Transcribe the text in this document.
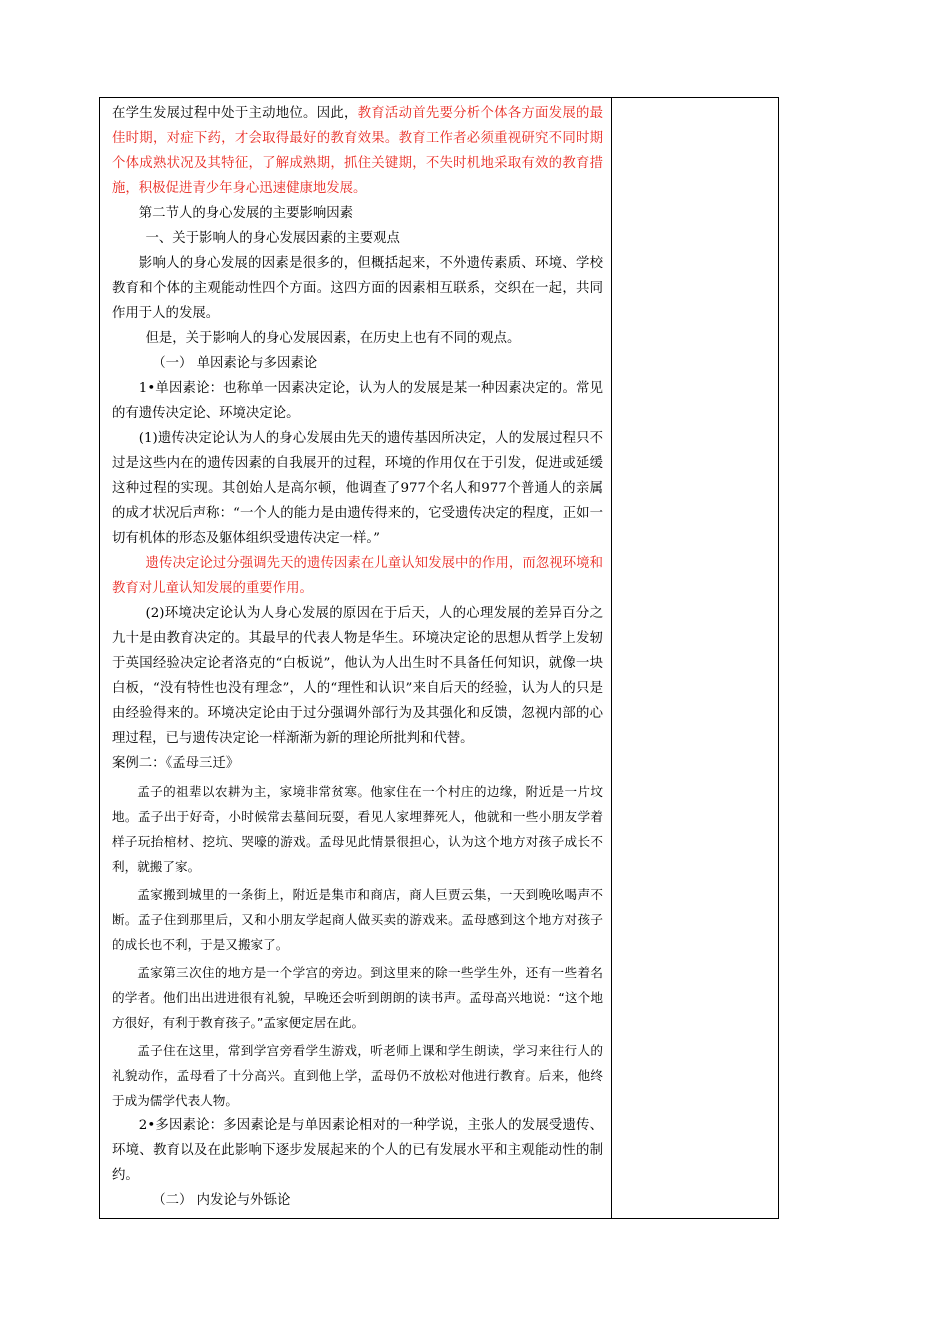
在学生发展过程中处于主动地位。因此，教育活动首先要分析个体各方面发展的最佳时期，对症下药，才会取得最好的教育效果。教育工作者必须重视研究不同时期个体成熟状况及其特征，了解成熟期，抓住关键期，不失时机地采取有效的教育措施，积极促进青少年身心迅速健康地发展。

第二节人的身心发展的主要影响因素

一、关于影响人的身心发展因素的主要观点

影响人的身心发展的因素是很多的，但概括起来，不外遗传素质、环境、学校教育和个体的主观能动性四个方面。这四方面的因素相互联系，交织在一起，共同作用于人的发展。

但是，关于影响人的身心发展因素，在历史上也有不同的观点。

（一） 单因素论与多因素论

1•单因素论：也称单一因素决定论，认为人的发展是某一种因素决定的。常见的有遗传决定论、环境决定论。

(1)遗传决定论认为人的身心发展由先天的遗传基因所决定，人的发展过程只不过是这些内在的遗传因素的自我展开的过程，环境的作用仅在于引发，促进或延缓这种过程的实现。其创始人是高尔顿，他调查了977个名人和977个普通人的亲属的成才状况后声称：“一个人的能力是由遗传得来的，它受遗传决定的程度，正如一切有机体的形态及躯体组织受遗传决定一样。”

遗传决定论过分强调先天的遗传因素在儿童认知发展中的作用，而忽视环境和教育对儿童认知发展的重要作用。

(2)环境决定论认为人身心发展的原因在于后天，人的心理发展的差异百分之九十是由教育决定的。其最早的代表人物是华生。环境决定论的思想从哲学上发轫于英国经验决定论者洛克的“白板说”，他认为人出生时不具备任何知识，就像一块白板，“没有特性也没有理念”，人的“理性和认识”来自后天的经验，认为人的只是由经验得来的。环境决定论由于过分强调外部行为及其强化和反馈，忽视内部的心理过程，已与遗传决定论一样渐渐为新的理论所批判和代替。

案例二：《孟母三迁》

孟子的祖辈以农耕为主，家境非常贫寒。他家住在一个村庄的边缘，附近是一片坟地。孟子出于好奇，小时候常去墓间玩耍，看见人家埋葬死人，他就和一些小朋友学着样子玩抬棺材、挖坑、哭嚎的游戏。孟母见此情景很担心，认为这个地方对孩子成长不利，就搬了家。

孟家搬到城里的一条街上，附近是集市和商店，商人巨贾云集，一天到晚吆喝声不断。孟子住到那里后，又和小朋友学起商人做买卖的游戏来。孟母感到这个地方对孩子的成长也不利，于是又搬家了。

孟家第三次住的地方是一个学宫的旁边。到这里来的除一些学生外，还有一些着名的学者。他们出出进进很有礼貌，早晚还会听到朗朗的读书声。孟母高兴地说：“这个地方很好，有利于教育孩子。”孟家便定居在此。

孟子住在这里，常到学宫旁看学生游戏，听老师上课和学生朗读，学习来往行人的礼貌动作，孟母看了十分高兴。直到他上学，孟母仍不放松对他进行教育。后来，他终于成为儒学代表人物。

2•多因素论：多因素论是与单因素论相对的一种学说，主张人的发展受遗传、环境、教育以及在此影响下逐步发展起来的个人的已有发展水平和主观能动性的制约。

（二） 内发论与外铄论
